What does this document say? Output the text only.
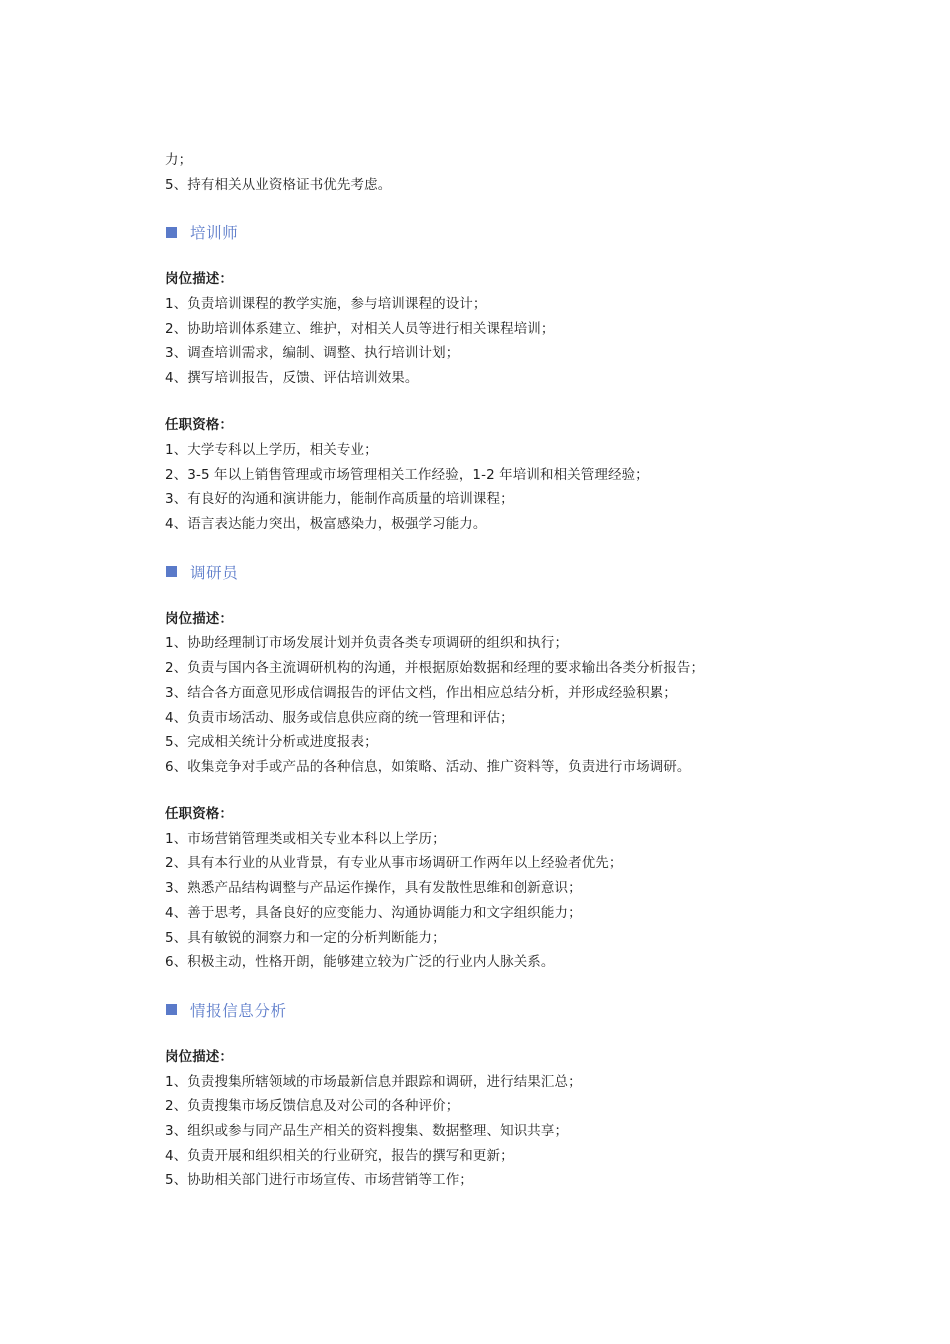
力；
5、持有相关从业资格证书优先考虑。
培训师
岗位描述：
1、负责培训课程的教学实施，参与培训课程的设计；
2、协助培训体系建立、维护，对相关人员等进行相关课程培训；
3、调查培训需求，编制、调整、执行培训计划；
4、撰写培训报告，反馈、评估培训效果。
任职资格：
1、大学专科以上学历，相关专业；
2、3-5 年以上销售管理或市场管理相关工作经验，1-2 年培训和相关管理经验；
3、有良好的沟通和演讲能力，能制作高质量的培训课程；
4、语言表达能力突出，极富感染力，极强学习能力。
调研员
岗位描述：
1、协助经理制订市场发展计划并负责各类专项调研的组织和执行；
2、负责与国内各主流调研机构的沟通，并根据原始数据和经理的要求输出各类分析报告；
3、结合各方面意见形成信调报告的评估文档，作出相应总结分析，并形成经验积累；
4、负责市场活动、服务或信息供应商的统一管理和评估；
5、完成相关统计分析或进度报表；
6、收集竞争对手或产品的各种信息，如策略、活动、推广资料等，负责进行市场调研。
任职资格：
1、市场营销管理类或相关专业本科以上学历；
2、具有本行业的从业背景，有专业从事市场调研工作两年以上经验者优先；
3、熟悉产品结构调整与产品运作操作，具有发散性思维和创新意识；
4、善于思考，具备良好的应变能力、沟通协调能力和文字组织能力；
5、具有敏锐的洞察力和一定的分析判断能力；
6、积极主动，性格开朗，能够建立较为广泛的行业内人脉关系。
情报信息分析
岗位描述：
1、负责搜集所辖领域的市场最新信息并跟踪和调研，进行结果汇总；
2、负责搜集市场反馈信息及对公司的各种评价；
3、组织或参与同产品生产相关的资料搜集、数据整理、知识共享；
4、负责开展和组织相关的行业研究，报告的撰写和更新；
5、协助相关部门进行市场宣传、市场营销等工作；
